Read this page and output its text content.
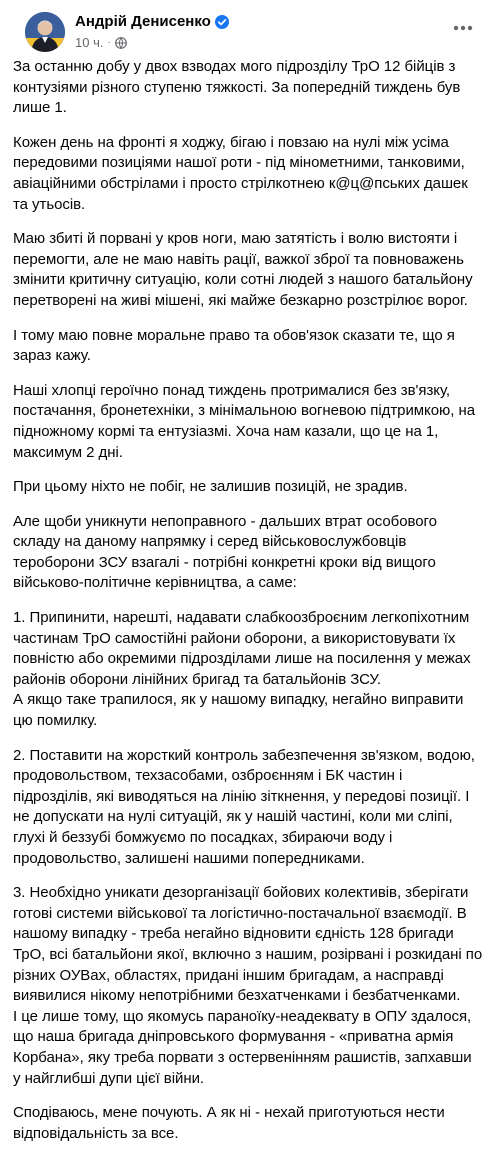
Андрій Денисенко
10 ч. ·

За останню добу у двох взводах мого підрозділу ТрО 12 бійців з контузіями різного ступеню тяжкості. За попередній тиждень був лише 1.

Кожен день на фронті я ходжу, бігаю і повзаю на нулі між усіма передовими позиціями нашої роти - під мінометними, танковими, авіаційними обстрілами і просто стрілкотнею к@ц@пських дашек та утьосів.

Маю збиті й порвані у кров ноги, маю затятість і волю вистояти і перемогти, але не маю навіть рації, важкої зброї та повноважень змінити критичну ситуацію, коли сотні людей з нашого батальйону перетворені на живі мішені, які майже безкарно розстрілює ворог.

І тому маю повне моральне право та обов'язок сказати те, що я зараз кажу.

Наші хлопці героїчно понад тиждень протрималися без зв'язку, постачання, бронетехніки, з мінімальною вогневою підтримкою, на підножному кормі та ентузіазмі. Хоча нам казали, що це на 1, максимум 2 дні.

При цьому ніхто не побіг, не залишив позицій, не зрадив.

Але щоби уникнути непоправного - дальших втрат особового складу на даному напрямку і серед військовослужбовців тероборони ЗСУ взагалі - потрібні конкретні кроки від вищого військово-політичне керівництва, а саме:

1. Припинити, нарешті, надавати слабкоозброєним легкопіхотним частинам ТрО самостійні райони оборони, а використовувати їх повністю або окремими підрозділами лише на посилення у межах районів оборони лінійних бригад та батальйонів ЗСУ.
А якщо таке трапилося, як у нашому випадку, негайно виправити цю помилку.

2. Поставити на жорсткий контроль забезпечення зв'язком, водою, продовольством, техзасобами, озброєнням і БК частин і підрозділів, які виводяться на лінію зіткнення, у передові позиції. І не допускати на нулі ситуацій, як у нашій частині, коли ми сліпі, глухі й беззубі бомжуємо по посадках, збираючи воду і продовольство, залишені нашими попередниками.

3. Необхідно уникати дезорганізації бойових колективів, зберігати готові системи військової та логістично-постачальної взаємодії. В нашому випадку - треба негайно відновити єдність 128 бригади ТрО, всі батальйони якої, включно з нашим, розірвані і розкидані по різних ОУВах, областях, придані іншим бригадам, а насправді виявилися нікому непотрібними безхатченками і безбатченками.
І це лише тому, що якомусь параноїку-неадеквату в ОПУ здалося, що наша бригада дніпровського формування - «приватна армія Корбана», яку треба порвати з остервенінням рашистів, запхавши у найглибші дупи цієї війни.

Сподіваюсь, мене почують. А як ні - нехай приготуються нести відповідальність за все.
